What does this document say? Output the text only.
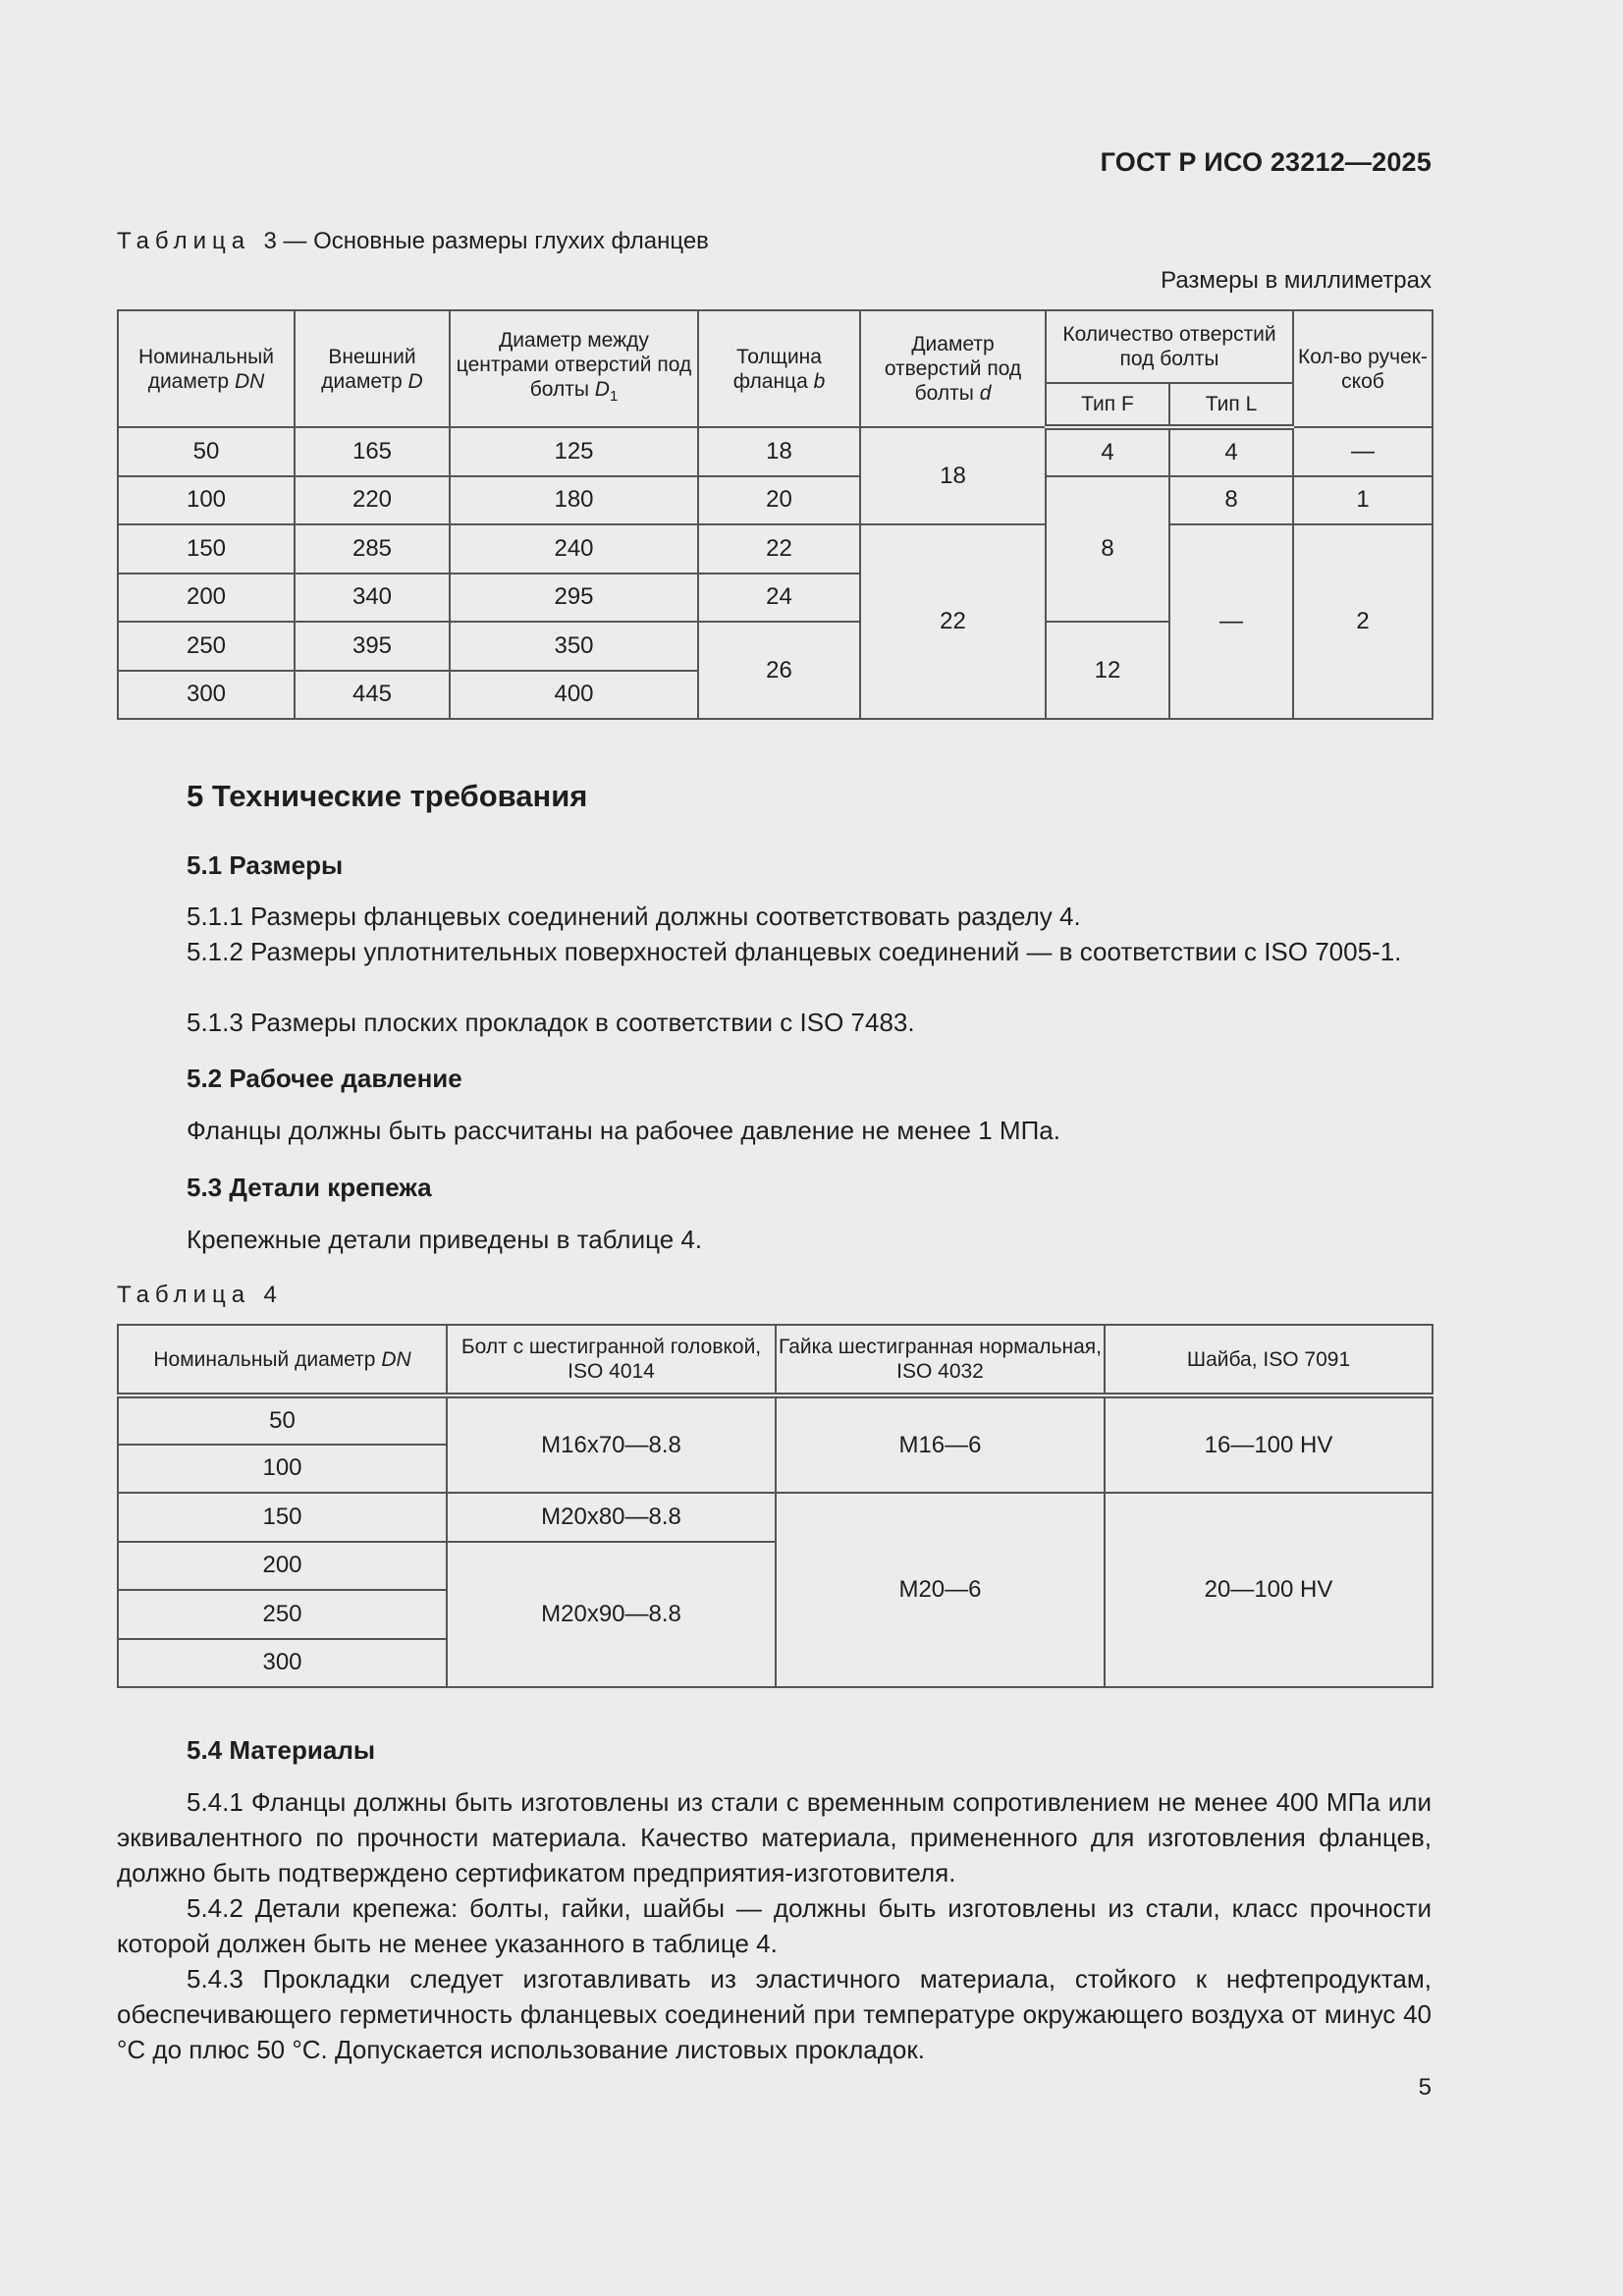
ГОСТ Р ИСО 23212—2025
Таблица 3 — Основные размеры глухих фланцев
Размеры в миллиметрах
Номинальный диаметр DN	Внешний диаметр D	Диаметр между центрами отверстий под болты $D_1$	Толщина фланца b	Диаметр отверстий под болты d	Количество отверстий под болты		Кол-во ручек-скоб
					Тип F	Тип L	
50	165	125	18	18	4	4	—
100	220	180	20		8	8	1
150	285	240	22	22		—	2
200	340	295	24				
250	395	350	26		12		
300	445	400					
5 Технические требования
5.1 Размеры

5.1.1 Размеры фланцевых соединений должны соответствовать разделу 4.

5.1.2 Размеры уплотнительных поверхностей фланцевых соединений — в соответствии с ISO 7005-1.

5.1.3 Размеры плоских прокладок в соответствии с ISO 7483.

5.2 Рабочее давление

Фланцы должны быть рассчитаны на рабочее давление не менее 1 МПа.

5.3 Детали крепежа

Крепежные детали приведены в таблице 4.

Таблица 4
Номинальный диаметр DN	Болт с шестигранной головкой, ISO 4014	Гайка шестигранная нормальная, ISO 4032	Шайба, ISO 7091
50	M16x70—8.8	M16—6	16—100 HV
100			
150	M20x80—8.8	M20—6	20—100 HV
200	M20x90—8.8		
250			
300			
5.4 Материалы

5.4.1 Фланцы должны быть изготовлены из стали с временным сопротивлением не менее 400 МПа или эквивалентного по прочности материала. Качество материала, примененного для изготовления фланцев, должно быть подтверждено сертификатом предприятия-изготовителя.

5.4.2 Детали крепежа: болты, гайки, шайбы — должны быть изготовлены из стали, класс прочности которой должен быть не менее указанного в таблице 4.

5.4.3 Прокладки следует изготавливать из эластичного материала, стойкого к нефтепродуктам, обеспечивающего герметичность фланцевых соединений при температуре окружающего воздуха от минус 40 °C до плюс 50 °C. Допускается использование листовых прокладок.

5
